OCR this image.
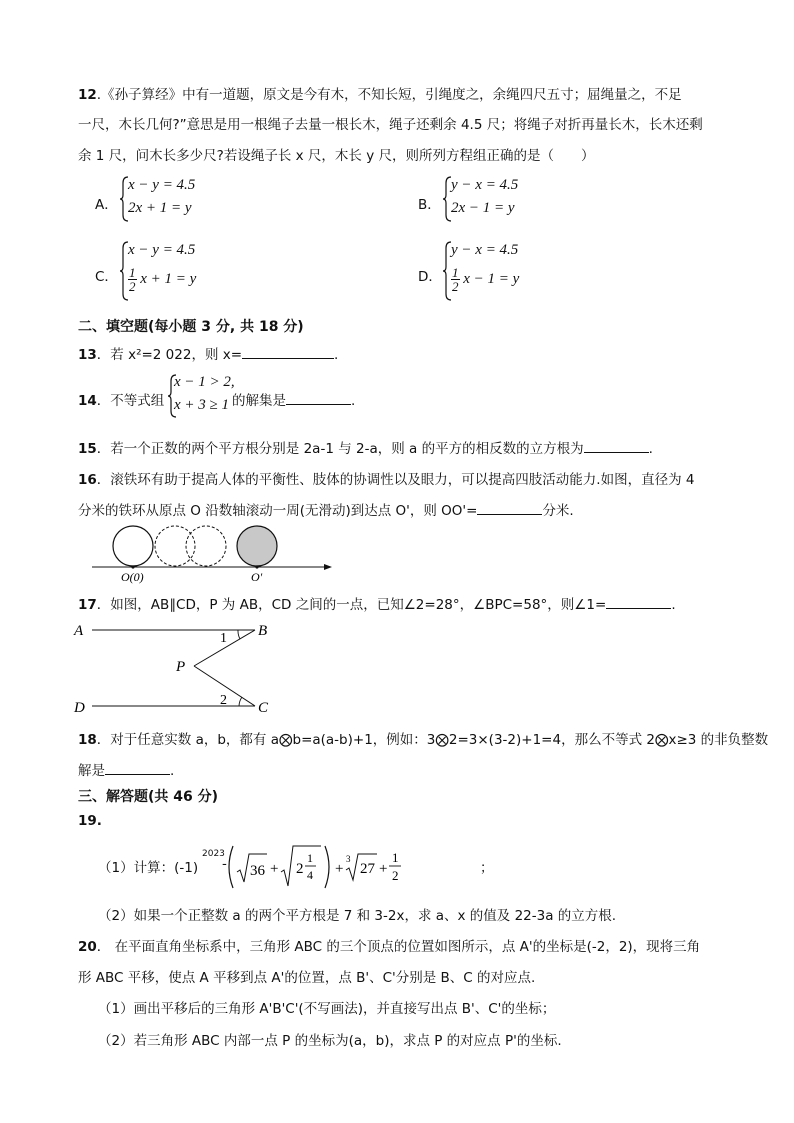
12.《孙子算经》中有一道题，原文是今有木，不知长短，引绳度之，余绳四尺五寸；屈绳量之，不足
一尺，木长几何?”意思是用一根绳子去量一根长木，绳子还剩余 4.5 尺；将绳子对折再量长木，长木还剩
余 1 尺，问木长多少尺?若设绳子长 x 尺，木长 y 尺，则所列方程组正确的是（　　）
A．
x − y = 4.5
2x + 1 = y	B．
y − x = 4.5
2x − 1 = y
C．
x − y = 4.5
$\frac{1}{2}$ x + 1 = y	D．
y − x = 4.5
$\frac{1}{2}$ x − 1 = y
二、填空题(每小题 3 分, 共 18 分)
13．若 x²=2 022，则 x=	.
14．不等式组
x − 1 > 2,
x + 3 ≥ 1 的解集是	.
15．若一个正数的两个平方根分别是 2a-1 与 2-a，则 a 的平方的相反数的立方根为	.
16．滚铁环有助于提高人体的平衡性、肢体的协调性以及眼力，可以提高四肢活动能力.如图，直径为 4
分米的铁环从原点 O 沿数轴滚动一周(无滑动)到达点 O'，则 OO'=	分米.
O(0)	O'
17．如图，AB∥CD，P 为 AB，CD 之间的一点，已知∠2=28°，∠BPC=58°，则∠1=	.
A	B
D	C
P
1
2
18．对于任意实数 a，b，都有 a⨂b=a(a-b)+1，例如：3⨂2=3×(3-2)+1=4，那么不等式 2⨂x≥3 的非负整数
解是	.
三、解答题(共 46 分)
19.
（1）计算：(-1)
2023
- 36 + 2
1
4 +
3
27 +
1
2	；
（2）如果一个正整数 a 的两个平方根是 7 和 3-2x，求 a、x 的值及 22-3a 的立方根.
20． 在平面直角坐标系中，三角形 ABC 的三个顶点的位置如图所示，点 A'的坐标是(-2，2)，现将三角
形 ABC 平移，使点 A 平移到点 A'的位置，点 B'、C'分别是 B、C 的对应点.
（1）画出平移后的三角形 A'B'C'(不写画法)，并直接写出点 B'、C'的坐标；
（2）若三角形 ABC 内部一点 P 的坐标为(a，b)，求点 P 的对应点 P'的坐标.
